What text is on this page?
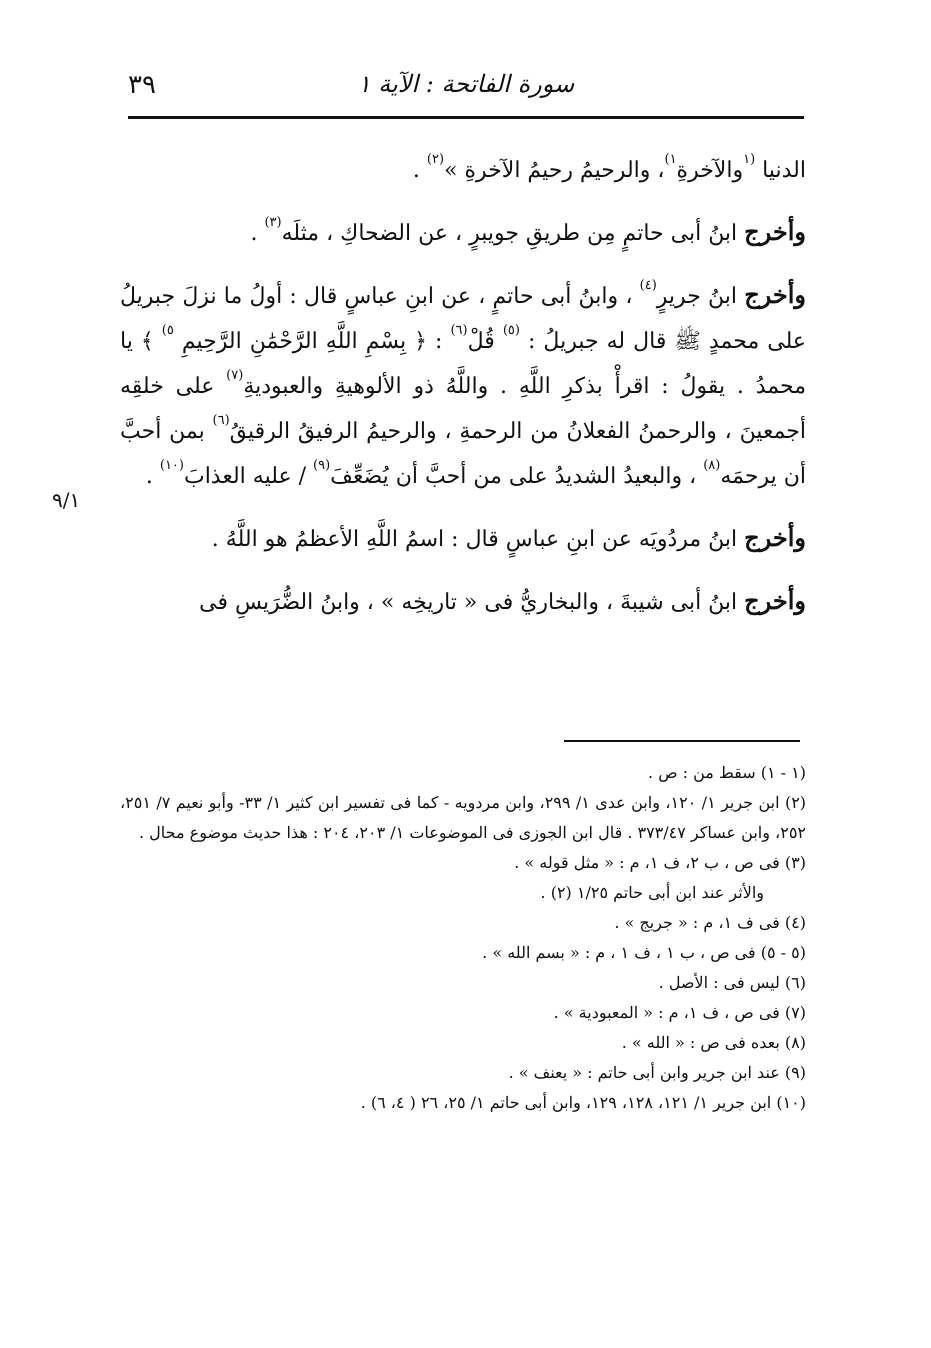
٣٩	سورة الفاتحة : الآية ١
٩/١

الدنيا $^{(١}$والآخرةِ$^{١)}$، والرحيمُ رحيمُ الآخرةِ »$^{(٢)}$ .

وأخرج ابنُ أبى حاتمٍ مِن طريقِ جويبرٍ ، عن الضحاكِ ، مثلَه$^{(٣)}$ .

وأخرج ابنُ جريرٍ$^{(٤)}$ ، وابنُ أبى حاتمٍ ، عن ابنِ عباسٍ قال : أولُ ما نزلَ جبريلُ على محمدٍ ﷺ قال له جبريلُ : $^{(٥)}$ قُلْ$^{(٦)}$ : ﴿ بِسْمِ اللَّهِ الرَّحْمَٰنِ الرَّحِيمِ $^{٥)}$ ﴾ يا محمدُ . يقولُ : اقرأْ بذكرِ اللَّهِ . واللَّهُ ذو الألوهيةِ والعبوديةِ$^{(٧)}$ على خلقِه أجمعينَ ، والرحمنُ الفعلانُ من الرحمةِ ، والرحيمُ الرفيقُ الرقيقُ$^{(٦)}$ بمن أحبَّ أن يرحمَه$^{(٨)}$ ، والبعيدُ الشديدُ على من أحبَّ أن يُضَعِّفَ$^{(٩)}$ / عليه العذابَ$^{(١٠)}$ .

وأخرج ابنُ مردُويَه عن ابنِ عباسٍ قال : اسمُ اللَّهِ الأعظمُ هو اللَّهُ .

وأخرج ابنُ أبى شيبةَ ، والبخاريُّ فى « تاريخِه » ، وابنُ الضُّرَيسِ فى

(١ - ١) سقط من : ص .

(٢) ابن جرير ١/ ١٢٠، وابن عدى ١/ ٢٩٩، وابن مردويه - كما فى تفسير ابن كثير ١/ ٣٣- وأبو نعيم ٧/ ٢٥١، ٢٥٢، وابن عساكر ٣٧٣/٤٧ . قال ابن الجوزى فى الموضوعات ١/ ٢٠٣، ٢٠٤ : هذا حديث موضوع محال .

(٣) فى ص ، ب ٢، ف ١، م : « مثل قوله » .

والأثر عند ابن أبى حاتم ١/٢٥ (٢) .

(٤) فى ف ١، م : « جريج » .

(٥ - ٥) فى ص ، ب ١ ، ف ١ ، م : « بسم الله » .

(٦) ليس فى : الأصل .

(٧) فى ص ، ف ١، م : « المعبودية » .

(٨) بعده فى ص : « الله » .

(٩) عند ابن جرير وابن أبى حاتم : « يعنف » .

(١٠) ابن جرير ١/ ١٢١، ١٢٨، ١٢٩، وابن أبى حاتم ١/ ٢٥، ٢٦ ( ٤، ٦) .
